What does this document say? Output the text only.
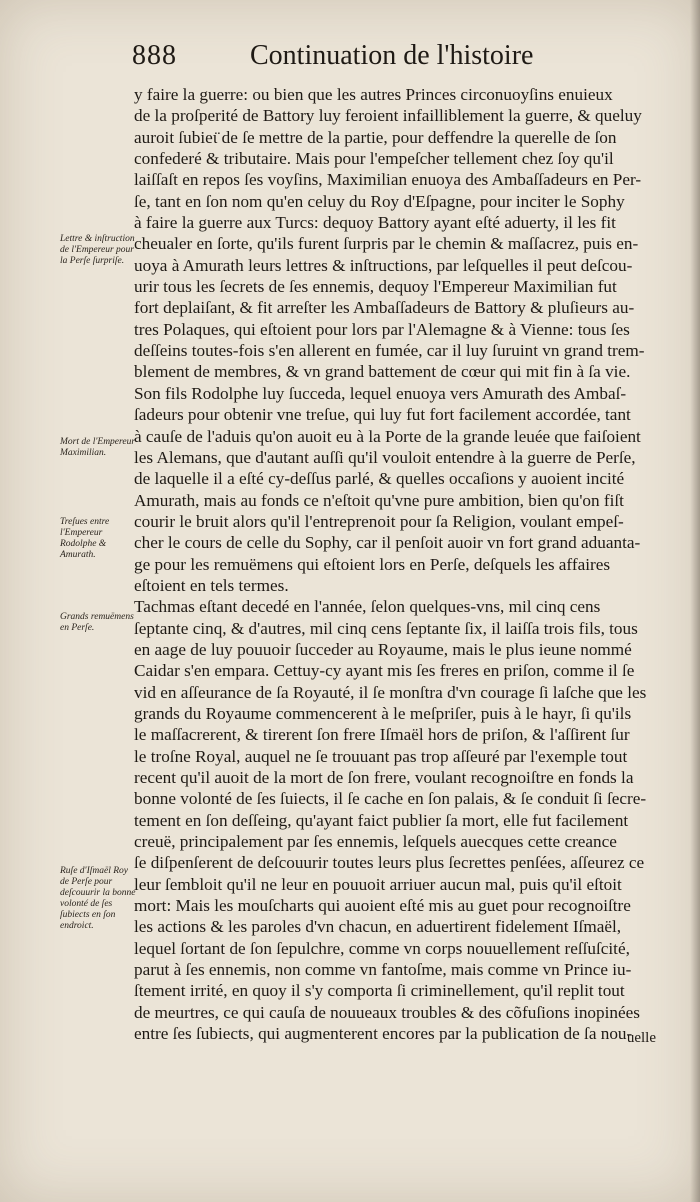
888	Continuation de l'histoire
Lettre & inſtruction de l'Empereur pour la Perſe ſurpriſe.
Mort de l'Empereur Maximilian.
Treſues entre l'Empereur Rodolphe & Amurath.
Grands remuëmens en Perſe.
Ruſe d'Iſmaël Roy de Perſe pour deſcouurir la bonne volonté de ſes ſubiects en ſon endroict.
y faire la guerre: ou bien que les autres Princes circonuoyſins enuieux
de la proſperité de Battory luy feroient infailliblement la guerre, & queluy
auroit ſubieɩ̈ de ſe mettre de la partie, pour deffendre la querelle de ſon
confederé & tributaire. Mais pour l'empeſcher tellement chez ſoy qu'il
laiſſaſt en repos ſes voyſins, Maximilian enuoya des Ambaſſadeurs en Per-
ſe, tant en ſon nom qu'en celuy du Roy d'Eſpagne, pour inciter le Sophy
à faire la guerre aux Turcs: dequoy Battory ayant eſté aduerty, il les fit
cheualer en ſorte, qu'ils furent ſurpris par le chemin & maſſacrez, puis en-
uoya à Amurath leurs lettres & inſtructions, par leſquelles il peut deſcou-
urir tous les ſecrets de ſes ennemis, dequoy l'Empereur Maximilian fut
fort deplaiſant, & fit arreſter les Ambaſſadeurs de Battory & pluſieurs au-
tres Polaques, qui eſtoient pour lors par l'Alemagne & à Vienne: tous ſes
deſſeins toutes-fois s'en allerent en fumée, car il luy ſuruint vn grand trem-
blement de membres, & vn grand battement de cœur qui mit fin à ſa vie.
Son fils Rodolphe luy ſucceda, lequel enuoya vers Amurath des Ambaſ-
ſadeurs pour obtenir vne treſue, qui luy fut fort facilement accordée, tant
à cauſe de l'aduis qu'on auoit eu à la Porte de la grande leuée que faiſoient
les Alemans, que d'autant auſſi qu'il vouloit entendre à la guerre de Perſe,
de laquelle il a eſté cy-deſſus parlé, & quelles occaſions y auoient incité
Amurath, mais au fonds ce n'eſtoit qu'vne pure ambition, bien qu'on fiſt
courir le bruit alors qu'il l'entreprenoit pour ſa Religion, voulant empeſ-
cher le cours de celle du Sophy, car il penſoit auoir vn fort grand aduanta-
ge pour les remuëmens qui eſtoient lors en Perſe, deſquels les affaires
eſtoient en tels termes.
Tachmas eſtant decedé en l'année, ſelon quelques-vns, mil cinq cens
ſeptante cinq, & d'autres, mil cinq cens ſeptante ſix, il laiſſa trois fils, tous
en aage de luy pouuoir ſucceder au Royaume, mais le plus ieune nommé
Caidar s'en empara. Cettuy-cy ayant mis ſes freres en priſon, comme il ſe
vid en aſſeurance de ſa Royauté, il ſe monſtra d'vn courage ſi laſche que les
grands du Royaume commencerent à le meſpriſer, puis à le hayr, ſi qu'ils
le maſſacrerent, & tirerent ſon frere Iſmaël hors de priſon, & l'aſſirent ſur
le troſne Royal, auquel ne ſe trouuant pas trop aſſeuré par l'exemple tout
recent qu'il auoit de la mort de ſon frere, voulant recognoiſtre en fonds la
bonne volonté de ſes ſuiects, il ſe cache en ſon palais, & ſe conduit ſi ſecre-
tement en ſon deſſeing, qu'ayant faict publier ſa mort, elle fut facilement
creuë, principalement par ſes ennemis, leſquels auecques cette creance
ſe diſpenſerent de deſcouurir toutes leurs plus ſecrettes penſées, aſſeurez ce
leur ſembloit qu'il ne leur en pouuoit arriuer aucun mal, puis qu'il eſtoit
mort: Mais les mouſcharts qui auoient eſté mis au guet pour recognoiſtre
les actions & les paroles d'vn chacun, en aduertirent fidelement Iſmaël,
lequel ſortant de ſon ſepulchre, comme vn corps nouuellement reſſuſcité,
parut à ſes ennemis, non comme vn fantoſme, mais comme vn Prince iu-
ſtement irrité, en quoy il s'y comporta ſi criminellement, qu'il replit tout
de meurtres, ce qui cauſa de nouueaux troubles & des cõfuſions inopinées
entre ſes ſubiects, qui augmenterent encores par la publication de ſa nou-
uelle
